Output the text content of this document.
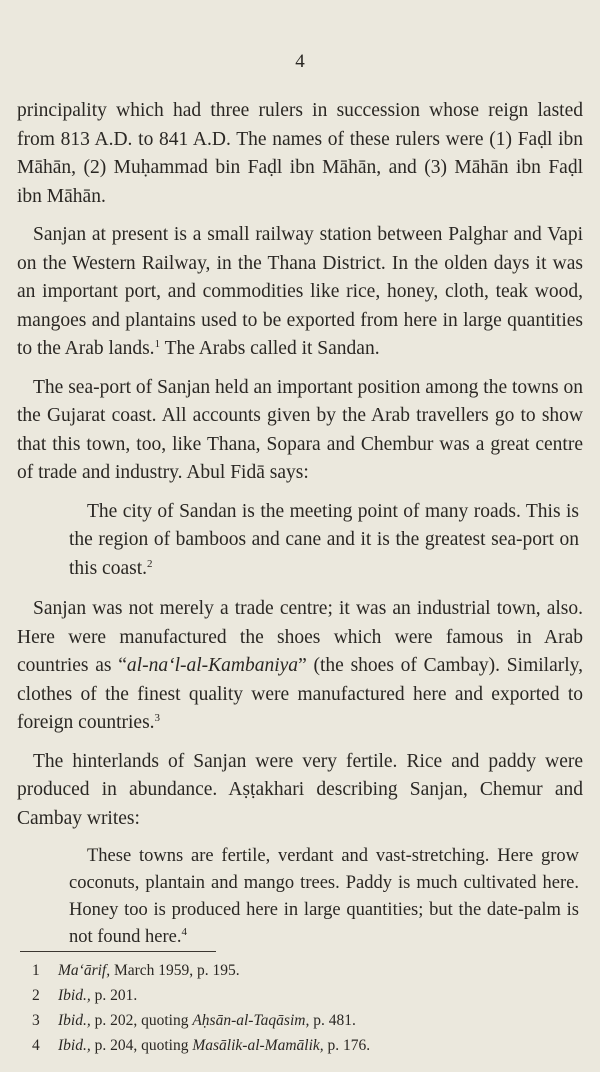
4

principality which had three rulers in succession whose reign lasted from 813 A.D. to 841 A.D. The names of these rulers were (1) Faḍl ibn Māhān, (2) Muḥammad bin Faḍl ibn Māhān, and (3) Māhān ibn Faḍl ibn Māhān.

Sanjan at present is a small railway station between Palghar and Vapi on the Western Railway, in the Thana District. In the olden days it was an important port, and commodities like rice, honey, cloth, teak wood, mangoes and plantains used to be exported from here in large quantities to the Arab lands.$^1$ The Arabs called it Sandan.

The sea-port of Sanjan held an important position among the towns on the Gujarat coast. All accounts given by the Arab travellers go to show that this town, too, like Thana, Sopara and Chembur was a great centre of trade and industry. Abul Fidā says:

The city of Sandan is the meeting point of many roads. This is the region of bamboos and cane and it is the greatest sea-port on this coast.$^2$

Sanjan was not merely a trade centre; it was an industrial town, also. Here were manufactured the shoes which were famous in Arab countries as “al-na‘l-al-Kambaniya” (the shoes of Cambay). Similarly, clothes of the finest quality were manufactured here and exported to foreign countries.$^3$

The hinterlands of Sanjan were very fertile. Rice and paddy were produced in abundance. Aṣṭakhari describing Sanjan, Chemur and Cambay writes:

These towns are fertile, verdant and vast-stretching. Here grow coconuts, plantain and mango trees. Paddy is much cultivated here. Honey too is produced here in large quantities; but the date-palm is not found here.$^4$

1	Ma‘ārif, March 1959, p. 195.

2	Ibid., p. 201.

3	Ibid., p. 202, quoting Aḥsān-al-Taqāsim, p. 481.

4	Ibid., p. 204, quoting Masālik-al-Mamālik, p. 176.
